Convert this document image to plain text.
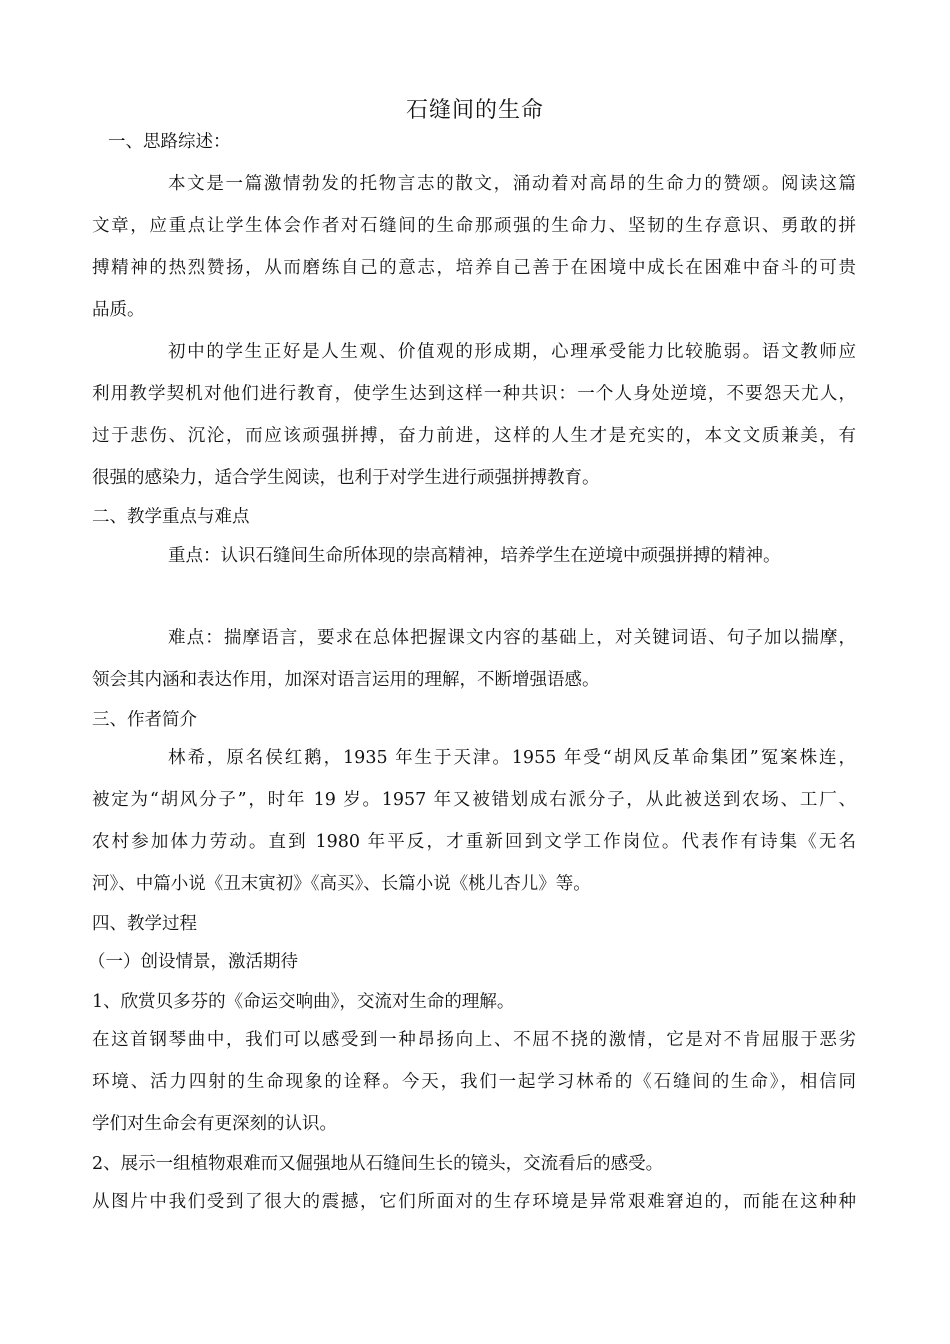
石缝间的生命
一、思路综述：
本文是一篇激情勃发的托物言志的散文，涌动着对高昂的生命力的赞颂。阅读这篇
文章，应重点让学生体会作者对石缝间的生命那顽强的生命力、坚韧的生存意识、勇敢的拼
搏精神的热烈赞扬，从而磨练自己的意志，培养自己善于在困境中成长在困难中奋斗的可贵
品质。
初中的学生正好是人生观、价值观的形成期，心理承受能力比较脆弱。语文教师应
利用教学契机对他们进行教育，使学生达到这样一种共识：一个人身处逆境，不要怨天尤人，
过于悲伤、沉沦，而应该顽强拼搏，奋力前进，这样的人生才是充实的，本文文质兼美，有
很强的感染力，适合学生阅读，也利于对学生进行顽强拼搏教育。
二、教学重点与难点
重点：认识石缝间生命所体现的崇高精神，培养学生在逆境中顽强拼搏的精神。
难点：揣摩语言，要求在总体把握课文内容的基础上，对关键词语、句子加以揣摩，
领会其内涵和表达作用，加深对语言运用的理解，不断增强语感。
三、作者简介
林希，原名侯红鹅，1935 年生于天津。1955 年受“胡风反革命集团”冤案株连，
被定为“胡风分子”，时年 19 岁。1957 年又被错划成右派分子，从此被送到农场、工厂、
农村参加体力劳动。直到 1980 年平反，才重新回到文学工作岗位。代表作有诗集《无名
河》、中篇小说《丑末寅初》《高买》、长篇小说《桃儿杏儿》等。
四、教学过程
（一）创设情景，激活期待
1、欣赏贝多芬的《命运交响曲》，交流对生命的理解。
在这首钢琴曲中，我们可以感受到一种昂扬向上、不屈不挠的激情，它是对不肯屈服于恶劣
环境、活力四射的生命现象的诠释。今天，我们一起学习林希的《石缝间的生命》，相信同
学们对生命会有更深刻的认识。
2、展示一组植物艰难而又倔强地从石缝间生长的镜头，交流看后的感受。
从图片中我们受到了很大的震撼，它们所面对的生存环境是异常艰难窘迫的，而能在这种种
